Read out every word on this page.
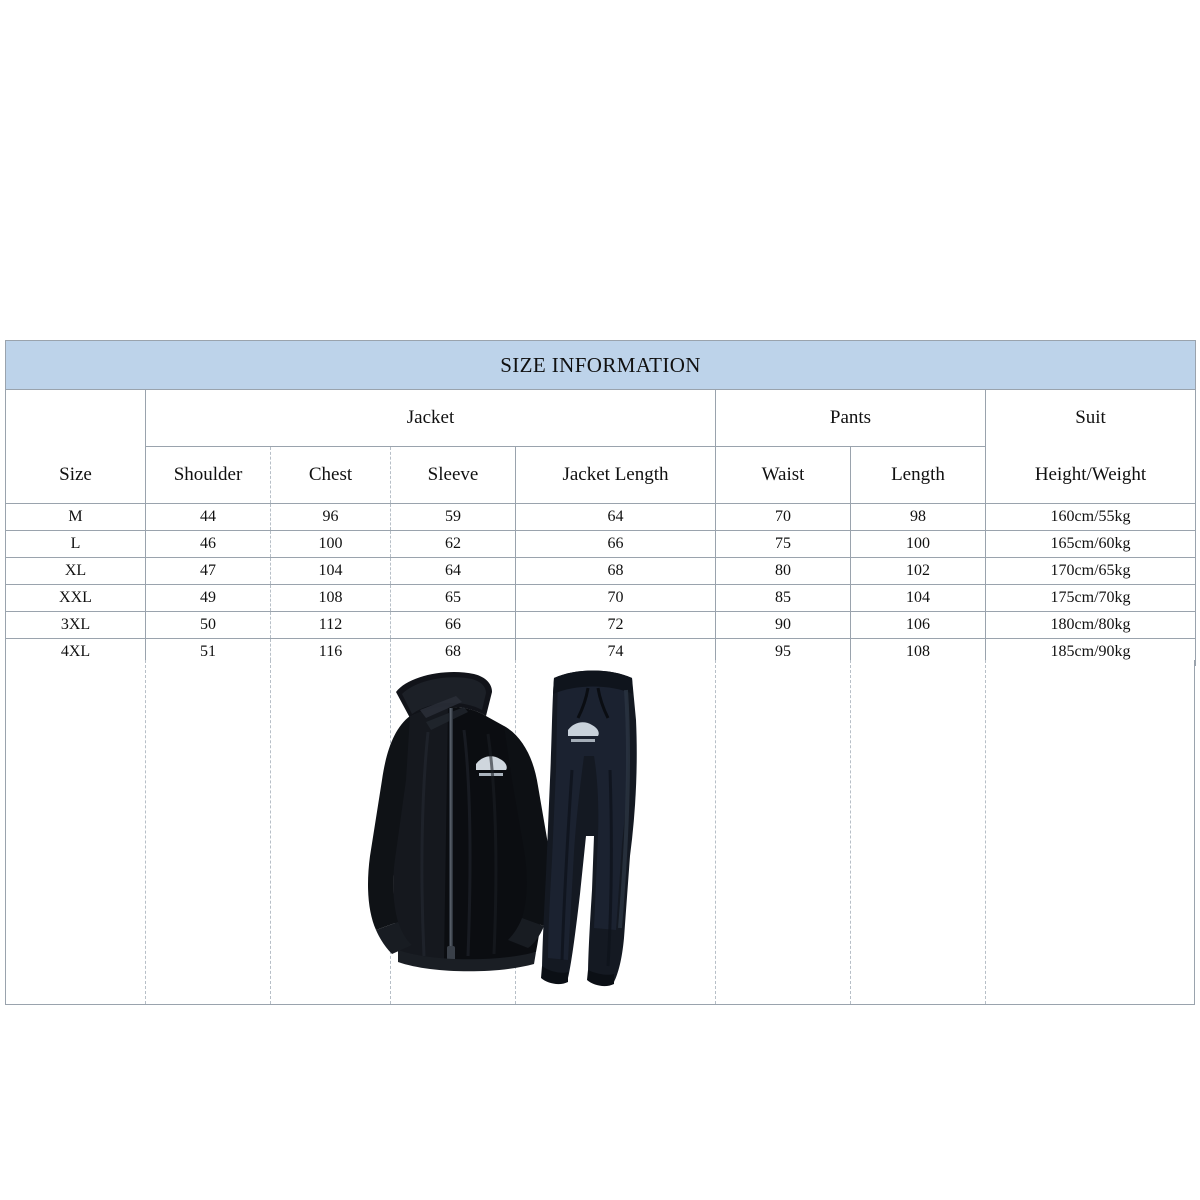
SIZE INFORMATION							
	Jacket				Pants		Suit
Size	Shoulder	Chest	Sleeve	Jacket Length	Waist	Length	Height/Weight
M	44	96	59	64	70	98	160cm/55kg
L	46	100	62	66	75	100	165cm/60kg
XL	47	104	64	68	80	102	170cm/65kg
XXL	49	108	65	70	85	104	175cm/70kg
3XL	50	112	66	72	90	106	180cm/80kg
4XL	51	116	68	74	95	108	185cm/90kg
